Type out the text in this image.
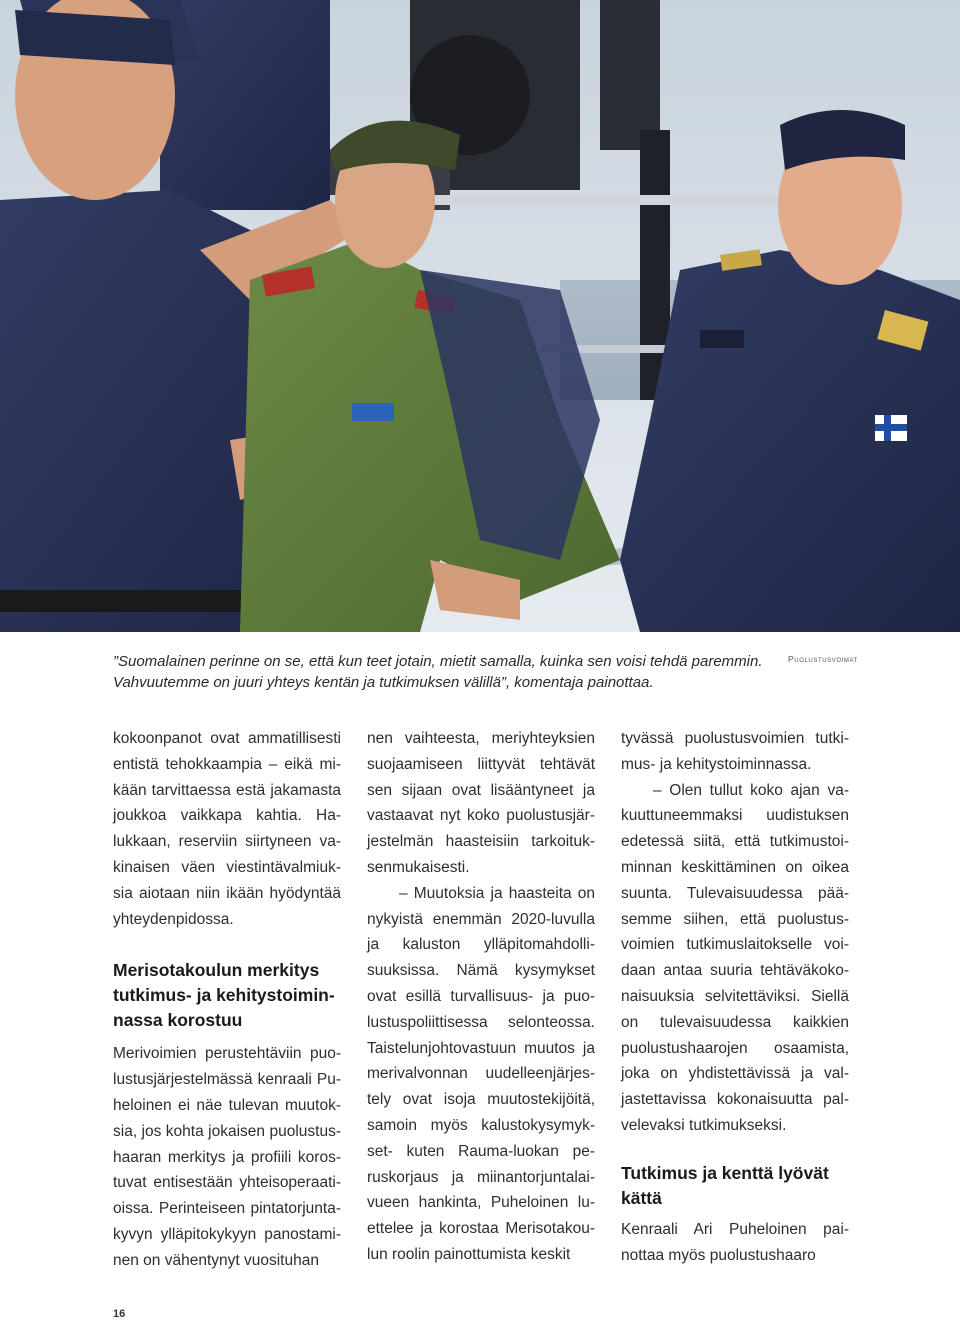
”Suomalainen perinne on se, että kun teet jotain, mietit samalla, kuinka sen voisi tehdä paremmin.
Vahvuutemme on juuri yhteys kentän ja tutkimuksen välillä”, komentaja painottaa.
Puolustusvoimat

kokoonpanot ovat ammatillisesti entistä tehokkaampia – eikä mikään tarvittaessa estä jakamasta joukkoa vaikkapa kahtia. Halukkaan, reserviin siirtyneen vakinaisen väen viestintävalmiuksia aiotaan niin ikään hyödyntää yhteydenpidossa.

Merisotakoulun merkitys tutkimus- ja kehitystoiminnassa korostuu

Merivoimien perustehtäviin puolustusjärjestelmässä kenraali Puheloinen ei näe tulevan muutoksia, jos kohta jokaisen puolustushaaran merkitys ja profiili korostuvat entisestään yhteisoperaatioissa. Perinteiseen pintatorjuntakyvyn ylläpitokykyyn panostaminen on vähentynyt vuosituhan

nen vaihteesta, meriyhteyksien suojaamiseen liittyvät tehtävät sen sijaan ovat lisääntyneet ja vastaavat nyt koko puolustusjärjestelmän haasteisiin tarkoituksenmukaisesti.

– Muutoksia ja haasteita on nykyistä enemmän 2020-luvulla ja kaluston ylläpitomahdollisuuksissa. Nämä kysymykset ovat esillä turvallisuus- ja puolustuspoliittisessa selonteossa. Taistelunjohtovastuun muutos ja merivalvonnan uudelleenjärjestely ovat isoja muutostekijöitä, samoin myös kalustokysymykset- kuten Rauma-luokan peruskorjaus ja miinantorjuntalaivueen hankinta, Puheloinen luettelee ja korostaa Merisotakoulun roolin painottumista keskit

tyvässä puolustusvoimien tutkimus- ja kehitystoiminnassa.

– Olen tullut koko ajan vakuuttuneemmaksi uudistuksen edetessä siitä, että tutkimustoiminnan keskittäminen on oikea suunta. Tulevaisuudessa pääsemme siihen, että puolustusvoimien tutkimuslaitokselle voidaan antaa suuria tehtäväkokonaisuuksia selvitettäviksi. Siellä on tulevaisuudessa kaikkien puolustushaarojen osaamista, joka on yhdistettävissä ja valjastettavissa kokonaisuutta palvelevaksi tutkimukseksi.

Tutkimus ja kenttä lyövät kättä

Kenraali Ari Puheloinen painottaa myös puolustushaaro

16
